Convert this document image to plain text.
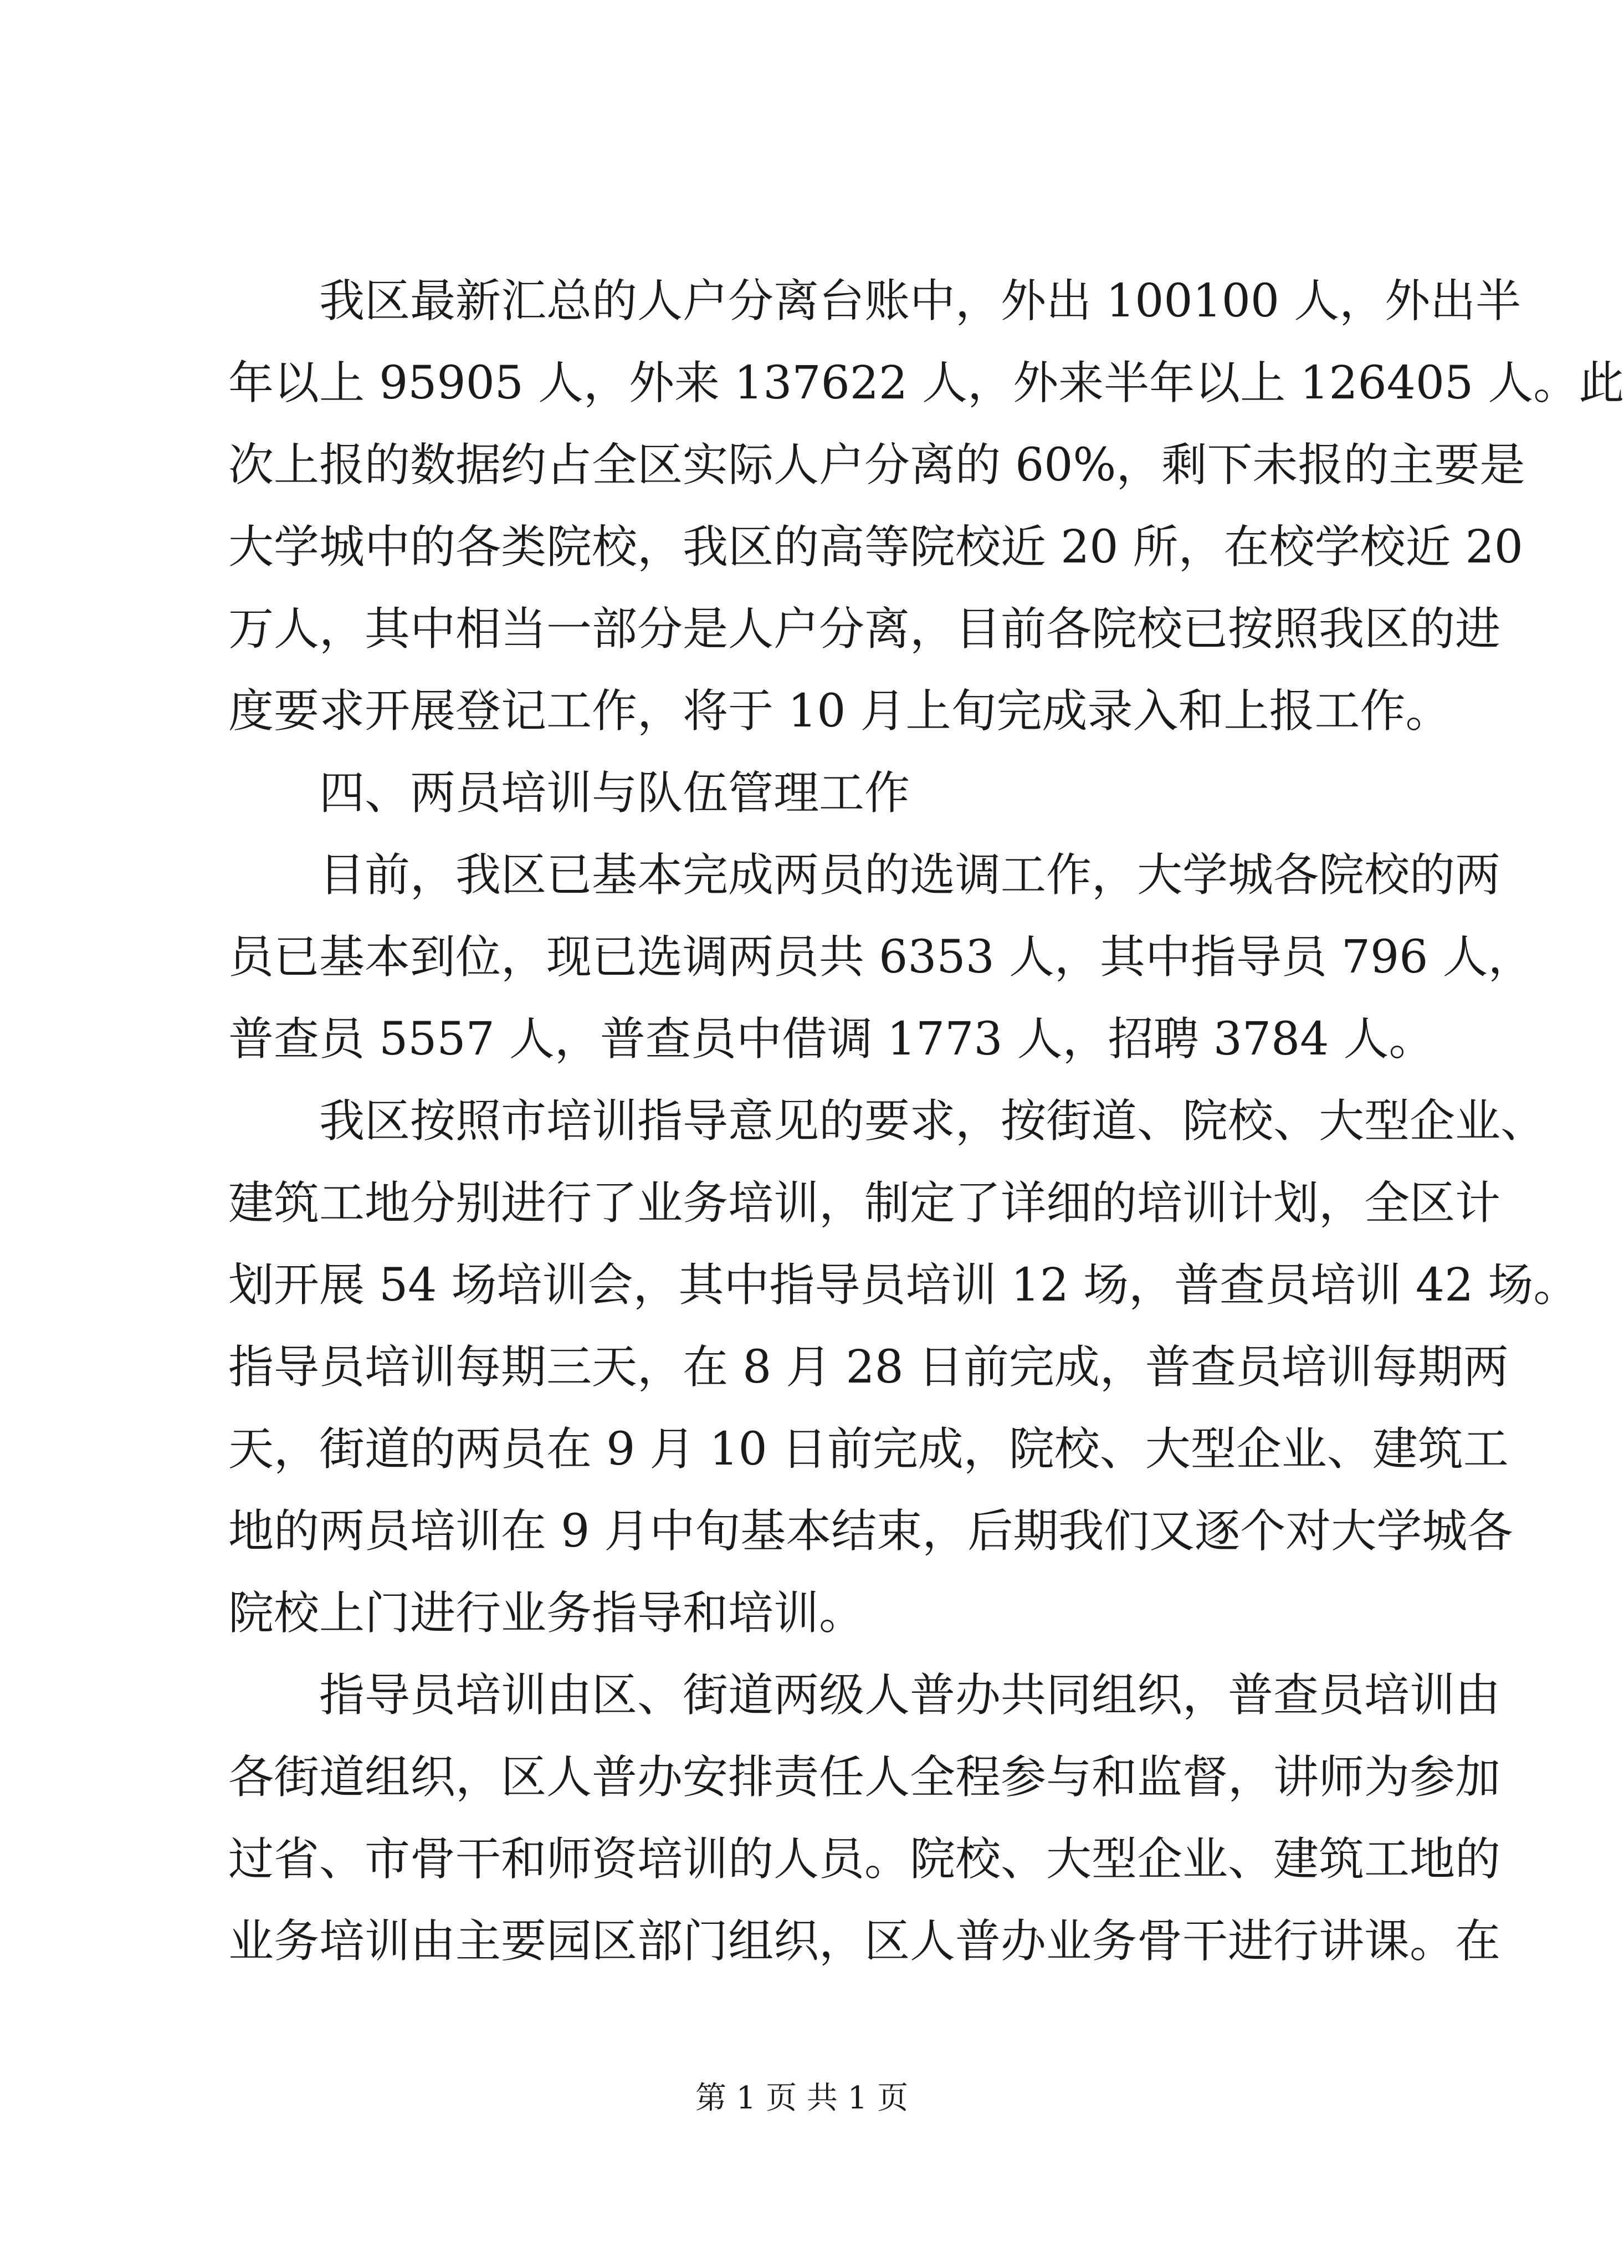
我区最新汇总的人户分离台账中，外出 100100 人，外出半
年以上 95905 人，外来 137622 人，外来半年以上 126405 人。此
次上报的数据约占全区实际人户分离的 60%，剩下未报的主要是
大学城中的各类院校，我区的高等院校近 20 所，在校学校近 20
万人，其中相当一部分是人户分离，目前各院校已按照我区的进
度要求开展登记工作，将于 10 月上旬完成录入和上报工作。
四、两员培训与队伍管理工作
目前，我区已基本完成两员的选调工作，大学城各院校的两
员已基本到位，现已选调两员共 6353 人，其中指导员 796 人，
普查员 5557 人，普查员中借调 1773 人，招聘 3784 人。
我区按照市培训指导意见的要求，按街道、院校、大型企业、
建筑工地分别进行了业务培训，制定了详细的培训计划，全区计
划开展 54 场培训会，其中指导员培训 12 场，普查员培训 42 场。
指导员培训每期三天，在 8 月 28 日前完成，普查员培训每期两
天，街道的两员在 9 月 10 日前完成，院校、大型企业、建筑工
地的两员培训在 9 月中旬基本结束，后期我们又逐个对大学城各
院校上门进行业务指导和培训。
指导员培训由区、街道两级人普办共同组织，普查员培训由
各街道组织，区人普办安排责任人全程参与和监督，讲师为参加
过省、市骨干和师资培训的人员。院校、大型企业、建筑工地的
业务培训由主要园区部门组织，区人普办业务骨干进行讲课。在
第 1 页 共 1 页
